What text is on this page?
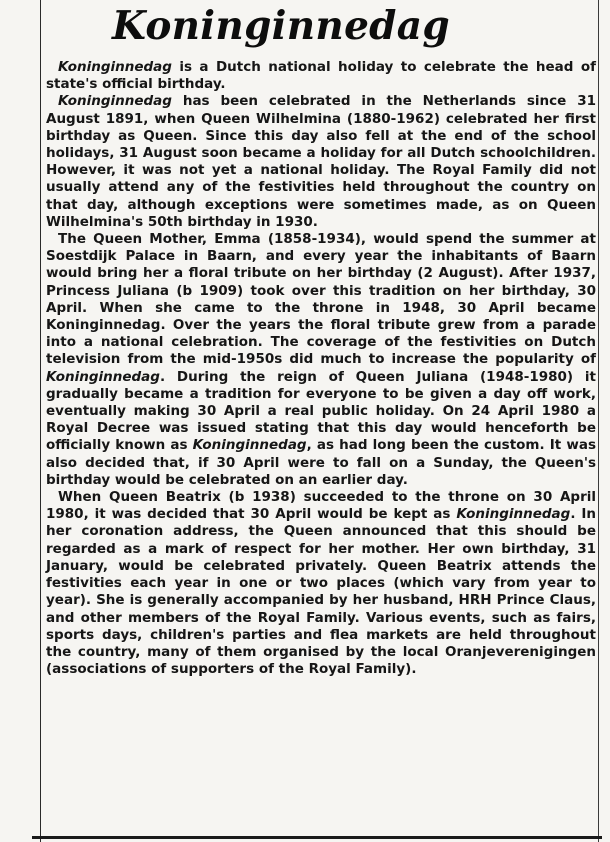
Koninginnedag

Koninginnedag is a Dutch national holiday to celebrate the head of state's official birthday.

Koninginnedag has been celebrated in the Netherlands since 31 August 1891, when Queen Wilhelmina (1880-1962) celebrated her first birthday as Queen. Since this day also fell at the end of the school holidays, 31 August soon became a holiday for all Dutch schoolchildren. However, it was not yet a national holiday. The Royal Family did not usually attend any of the festivities held throughout the country on that day, although exceptions were sometimes made, as on Queen Wilhelmina's 50th birthday in 1930.

The Queen Mother, Emma (1858-1934), would spend the summer at Soestdijk Palace in Baarn, and every year the inhabitants of Baarn would bring her a floral tribute on her birthday (2 August). After 1937, Princess Juliana (b 1909) took over this tradition on her birthday, 30 April. When she came to the throne in 1948, 30 April became Koninginnedag. Over the years the floral tribute grew from a parade into a national celebration. The coverage of the festivities on Dutch television from the mid-1950s did much to increase the popularity of Koninginnedag. During the reign of Queen Juliana (1948-1980) it gradually became a tradition for everyone to be given a day off work, eventually making 30 April a real public holiday. On 24 April 1980 a Royal Decree was issued stating that this day would henceforth be officially known as Koninginnedag, as had long been the custom. It was also decided that, if 30 April were to fall on a Sunday, the Queen's birthday would be celebrated on an earlier day.

When Queen Beatrix (b 1938) succeeded to the throne on 30 April 1980, it was decided that 30 April would be kept as Koninginnedag. In her coronation address, the Queen announced that this should be regarded as a mark of respect for her mother. Her own birthday, 31 January, would be celebrated privately. Queen Beatrix attends the festivities each year in one or two places (which vary from year to year). She is generally accompanied by her husband, HRH Prince Claus, and other members of the Royal Family. Various events, such as fairs, sports days, children's parties and flea markets are held throughout the country, many of them organised by the local Oranjeverenigingen (associations of supporters of the Royal Family).
